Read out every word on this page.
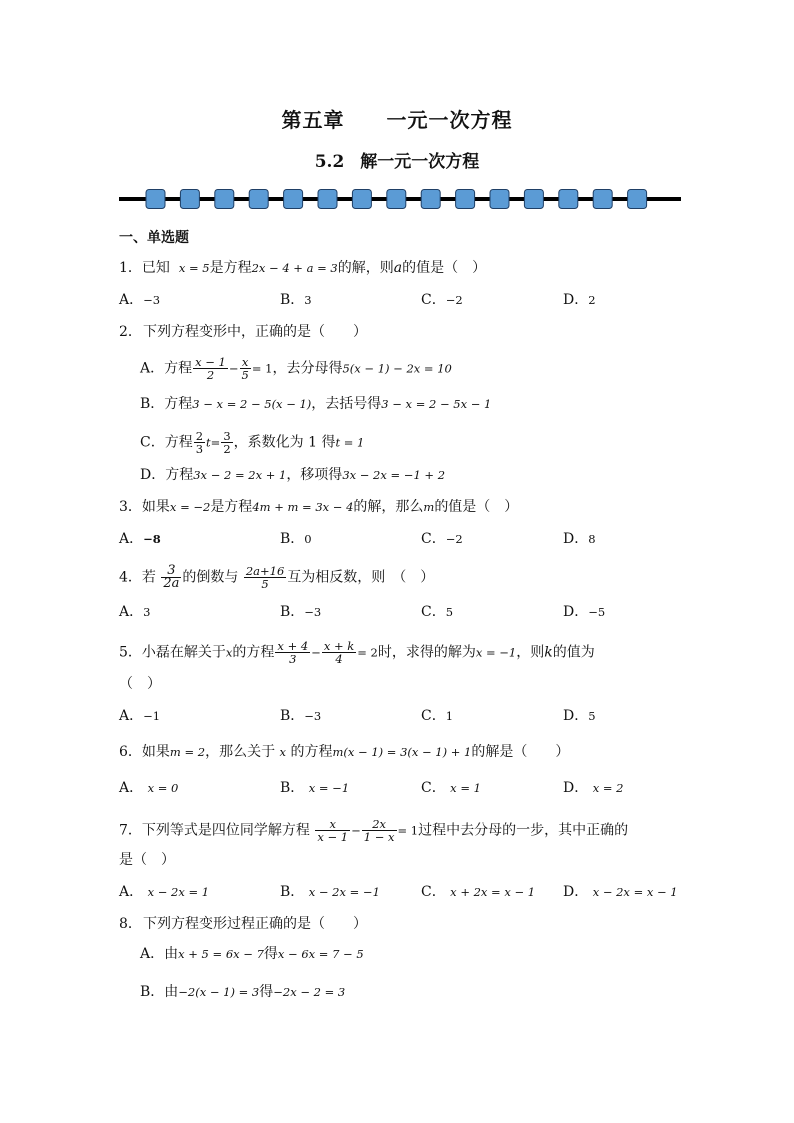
第五章 一元一次方程
5.2 解一元一次方程
一、单选题
1．已知 x = 5是方程2x − 4 + a = 3的解，则a的值是（　）
A．−3	B．3	C．−2	D．2
下列方程变形中，正确的是（　　）
2．
A．方程 $\frac{x - 1}{2} - \frac{x}{5} = 1$，去分母得5(x − 1) − 2x = 10
B．方程3 − x = 2 − 5(x − 1)，去括号得3 − x = 2 − 5x − 1
C．方程 $\frac{2}{3} t= \frac{3}{2}$ ，系数化为 1 得t = 1
D．方程3x − 2 = 2x + 1，移项得3x − 2x = −1 + 2
3．如果x = −2是方程4m + m = 3x − 4的解，那么m的值是（　）
A．−8	B．0	C．−2	D．8
4．若 $\frac{3}{2a}$ 的倒数与 $\frac{2a+16}{5}$ 互为相反数，则　（　）
A．3	B．−3	C．5	D．−5
5．小磊在解关于x的方程 $\frac{x + 4}{3} - \frac{x + k}{4} = 2$时，求得的解为x = −1，则k的值为
（　）
A．−1	B．−3	C．1	D．5
6．如果m = 2，那么关于 x 的方程m(x − 1) = 3(x − 1) + 1的解是（　　）
A． x = 0	B． x = −1	C． x = 1	D． x = 2
7．下列等式是四位同学解方程 $\frac{x}{x - 1} - \frac{2x}{1 - x} = 1$过程中去分母的一步，其中正确的
是（　）
A． x − 2x = 1	B． x − 2x = −1	C． x + 2x = x − 1 D． x − 2x = x − 1
8． 下列方程变形过程正确的是（　　）
A．由x + 5 = 6x − 7得x − 6x = 7 − 5
B．由−2(x − 1) = 3得−2x − 2 = 3
